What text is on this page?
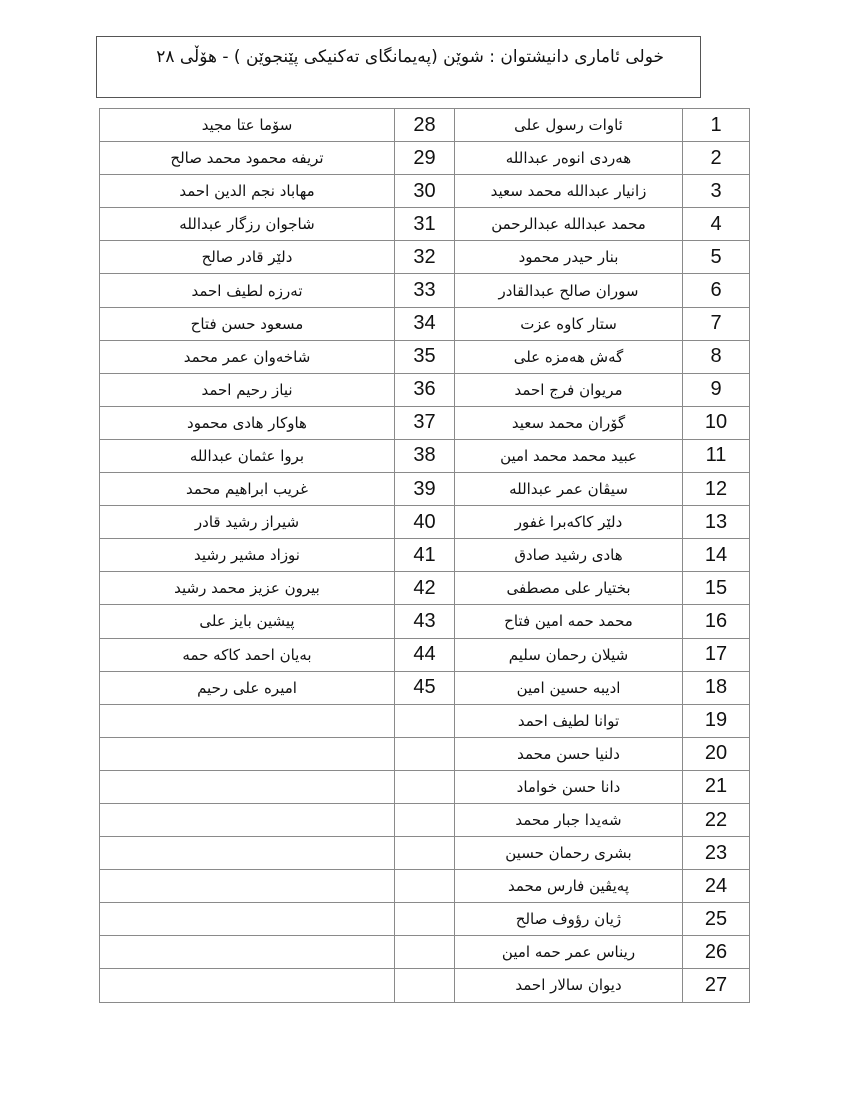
خولی ئاماری دانیشتوان : شوێن (پەیمانگای تەکنیکی پێنجوێن ) - هۆڵی ٢٨
سۆما عتا مجید	28	ئاوات رسول علی	1
تریفە محمود محمد صالح	29	هەردی انوەر عبداللە	2
مهاباد نجم الدین احمد	30	زانیار عبداللە محمد سعید	3
شاجوان رزگار عبداللە	31	محمد عبداللە عبدالرحمن	4
دلێر قادر صالح	32	بنار حیدر محمود	5
تەرزە لطیف احمد	33	سوران صالح عبدالقادر	6
مسعود حسن فتاح	34	ستار کاوە عزت	7
شاخەوان عمر محمد	35	گەش هەمزە علی	8
نیاز رحیم احمد	36	مریوان فرج احمد	9
هاوکار هادی محمود	37	گۆران محمد سعید	10
بروا عثمان عبداللە	38	عبید محمد محمد امین	11
غریب ابراهیم محمد	39	سیڤان عمر عبداللە	12
شیراز رشید قادر	40	دلێر کاکەبرا غفور	13
نوزاد مشیر رشید	41	هادی رشید صادق	14
بیرون عزیز محمد رشید	42	بختیار علی مصطفی	15
پیشین بایز علی	43	محمد حمە امین فتاح	16
بەیان احمد کاکە حمە	44	شیلان رحمان سلیم	17
امیرە علی رحیم	45	ادیبە حسین امین	18
		توانا لطیف احمد	19
		دلنیا حسن محمد	20
		دانا حسن خواماد	21
		شەیدا جبار محمد	22
		بشری رحمان حسین	23
		پەیڤین فارس محمد	24
		ژیان رؤوف صالح	25
		ریناس عمر حمە امین	26
		دیوان سالار احمد	27
